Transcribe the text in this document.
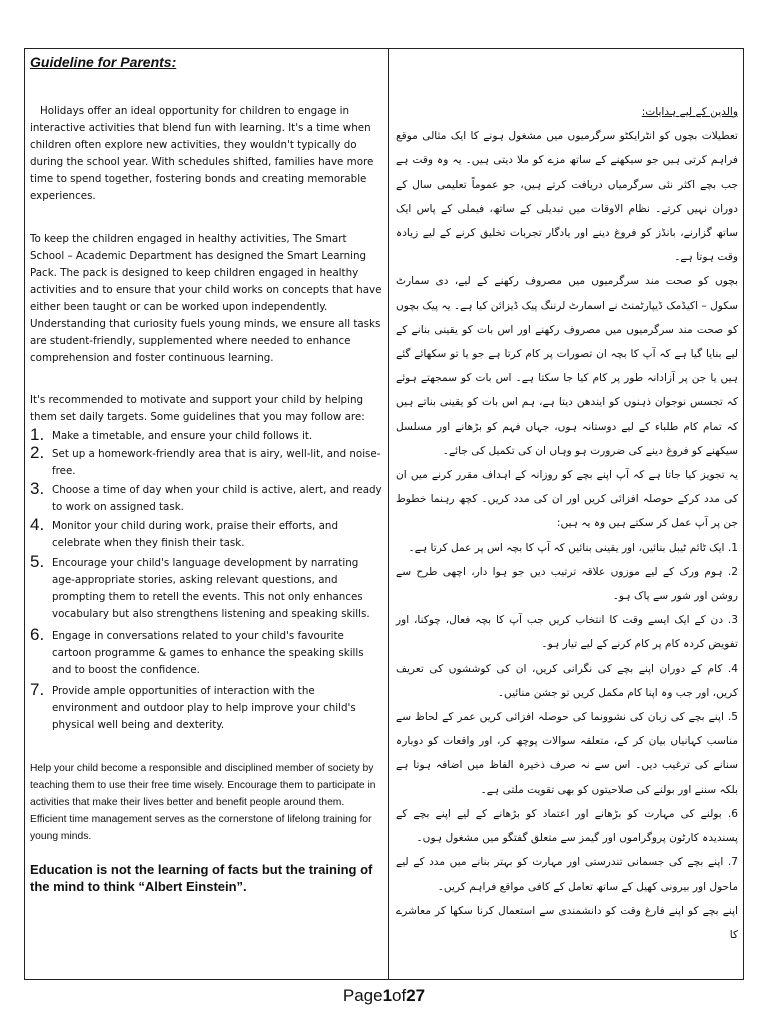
Guideline for Parents:

Holidays offer an ideal opportunity for children to engage in interactive activities that blend fun with learning. It's a time when children often explore new activities, they wouldn't typically do during the school year. With schedules shifted, families have more time to spend together, fostering bonds and creating memorable experiences.

To keep the children engaged in healthy activities, The Smart School – Academic Department has designed the Smart Learning Pack. The pack is designed to keep children engaged in healthy activities and to ensure that your child works on concepts that have either been taught or can be worked upon independently. Understanding that curiosity fuels young minds, we ensure all tasks are student-friendly, supplemented where needed to enhance comprehension and foster continuous learning.

It's recommended to motivate and support your child by helping them set daily targets. Some guidelines that you may follow are:

1. Make a timetable, and ensure your child follows it.
2. Set up a homework-friendly area that is airy, well-lit, and noise-free.
3. Choose a time of day when your child is active, alert, and ready to work on assigned task.
4. Monitor your child during work, praise their efforts, and celebrate when they finish their task.
5. Encourage your child's language development by narrating age-appropriate stories, asking relevant questions, and prompting them to retell the events. This not only enhances vocabulary but also strengthens listening and speaking skills.
6. Engage in conversations related to your child's favourite cartoon programme & games to enhance the speaking skills and to boost the confidence.
7. Provide ample opportunities of interaction with the environment and outdoor play to help improve your child's physical well being and dexterity.

Help your child become a responsible and disciplined member of society by teaching them to use their free time wisely. Encourage them to participate in activities that make their lives better and benefit people around them. Efficient time management serves as the cornerstone of lifelong training for young minds.

Education is not the learning of facts but the training of the mind to think “Albert Einstein”.

والدین کے لیے ہدایات:

تعطیلات بچوں کو انٹرایکٹو سرگرمیوں میں مشغول ہونے کا ایک مثالی موقع فراہم کرتی ہیں جو سیکھنے کے ساتھ مزے کو ملا دیتی ہیں۔ یہ وہ وقت ہے جب بچے اکثر نئی سرگرمیاں دریافت کرتے ہیں، جو عموماً تعلیمی سال کے دوران نہیں کرتے۔ نظام الاوقات میں تبدیلی کے ساتھ، فیملی کے پاس ایک ساتھ گزارنے، بانڈز کو فروغ دینے اور یادگار تجربات تخلیق کرنے کے لیے زیادہ وقت ہوتا ہے۔

بچوں کو صحت مند سرگرمیوں میں مصروف رکھنے کے لیے، دی سمارٹ سکول – اکیڈمک ڈیپارٹمنٹ نے اسمارٹ لرننگ پیک ڈیزائن کیا ہے۔ یہ پیک بچوں کو صحت مند سرگرمیوں میں مصروف رکھنے اور اس بات کو یقینی بنانے کے لیے بنایا گیا ہے کہ آپ کا بچہ ان تصورات پر کام کرتا ہے جو یا تو سکھائے گئے ہیں یا جن پر آزادانہ طور پر کام کیا جا سکتا ہے۔ اس بات کو سمجھتے ہوئے کہ تجسس نوجوان ذہنوں کو ایندھن دیتا ہے، ہم اس بات کو یقینی بناتے ہیں کہ تمام کام طلباء کے لیے دوستانہ ہوں، جہاں فہم کو بڑھانے اور مسلسل سیکھنے کو فروغ دینے کی ضرورت ہو وہاں ان کی تکمیل کی جائے۔

یہ تجویز کیا جاتا ہے کہ آپ اپنے بچے کو روزانہ کے اہداف مقرر کرنے میں ان کی مدد کرکے حوصلہ افزائی کریں اور ان کی مدد کریں۔ کچھ رہنما خطوط جن پر آپ عمل کر سکتے ہیں وہ یہ ہیں:

1. ایک ٹائم ٹیبل بنائیں، اور یقینی بنائیں کہ آپ کا بچہ اس پر عمل کرتا ہے۔

2. ہوم ورک کے لیے موزوں علاقہ ترتیب دیں جو ہوا دار، اچھی طرح سے روشن اور شور سے پاک ہو۔

3. دن کے ایک ایسے وقت کا انتخاب کریں جب آپ کا بچہ فعال، چوکنا، اور تفویض کردہ کام پر کام کرنے کے لیے تیار ہو۔

4. کام کے دوران اپنے بچے کی نگرانی کریں، ان کی کوششوں کی تعریف کریں، اور جب وہ اپنا کام مکمل کریں تو جشن منائیں۔

5. اپنے بچے کی زبان کی نشوونما کی حوصلہ افزائی کریں عمر کے لحاظ سے مناسب کہانیاں بیان کر کے، متعلقہ سوالات پوچھ کر، اور واقعات کو دوبارہ سنانے کی ترغیب دیں۔ اس سے نہ صرف ذخیرہ الفاظ میں اضافہ ہوتا ہے بلکہ سننے اور بولنے کی صلاحیتوں کو بھی تقویت ملتی ہے۔

6. بولنے کی مہارت کو بڑھانے اور اعتماد کو بڑھانے کے لیے اپنے بچے کے پسندیدہ کارٹون پروگراموں اور گیمز سے متعلق گفتگو میں مشغول ہوں۔

7. اپنے بچے کی جسمانی تندرستی اور مہارت کو بہتر بنانے میں مدد کے لیے ماحول اور بیرونی کھیل کے ساتھ تعامل کے کافی مواقع فراہم کریں۔

اپنے بچے کو اپنے فارغ وقت کو دانشمندی سے استعمال کرنا سکھا کر معاشرے کا

Page1of27
